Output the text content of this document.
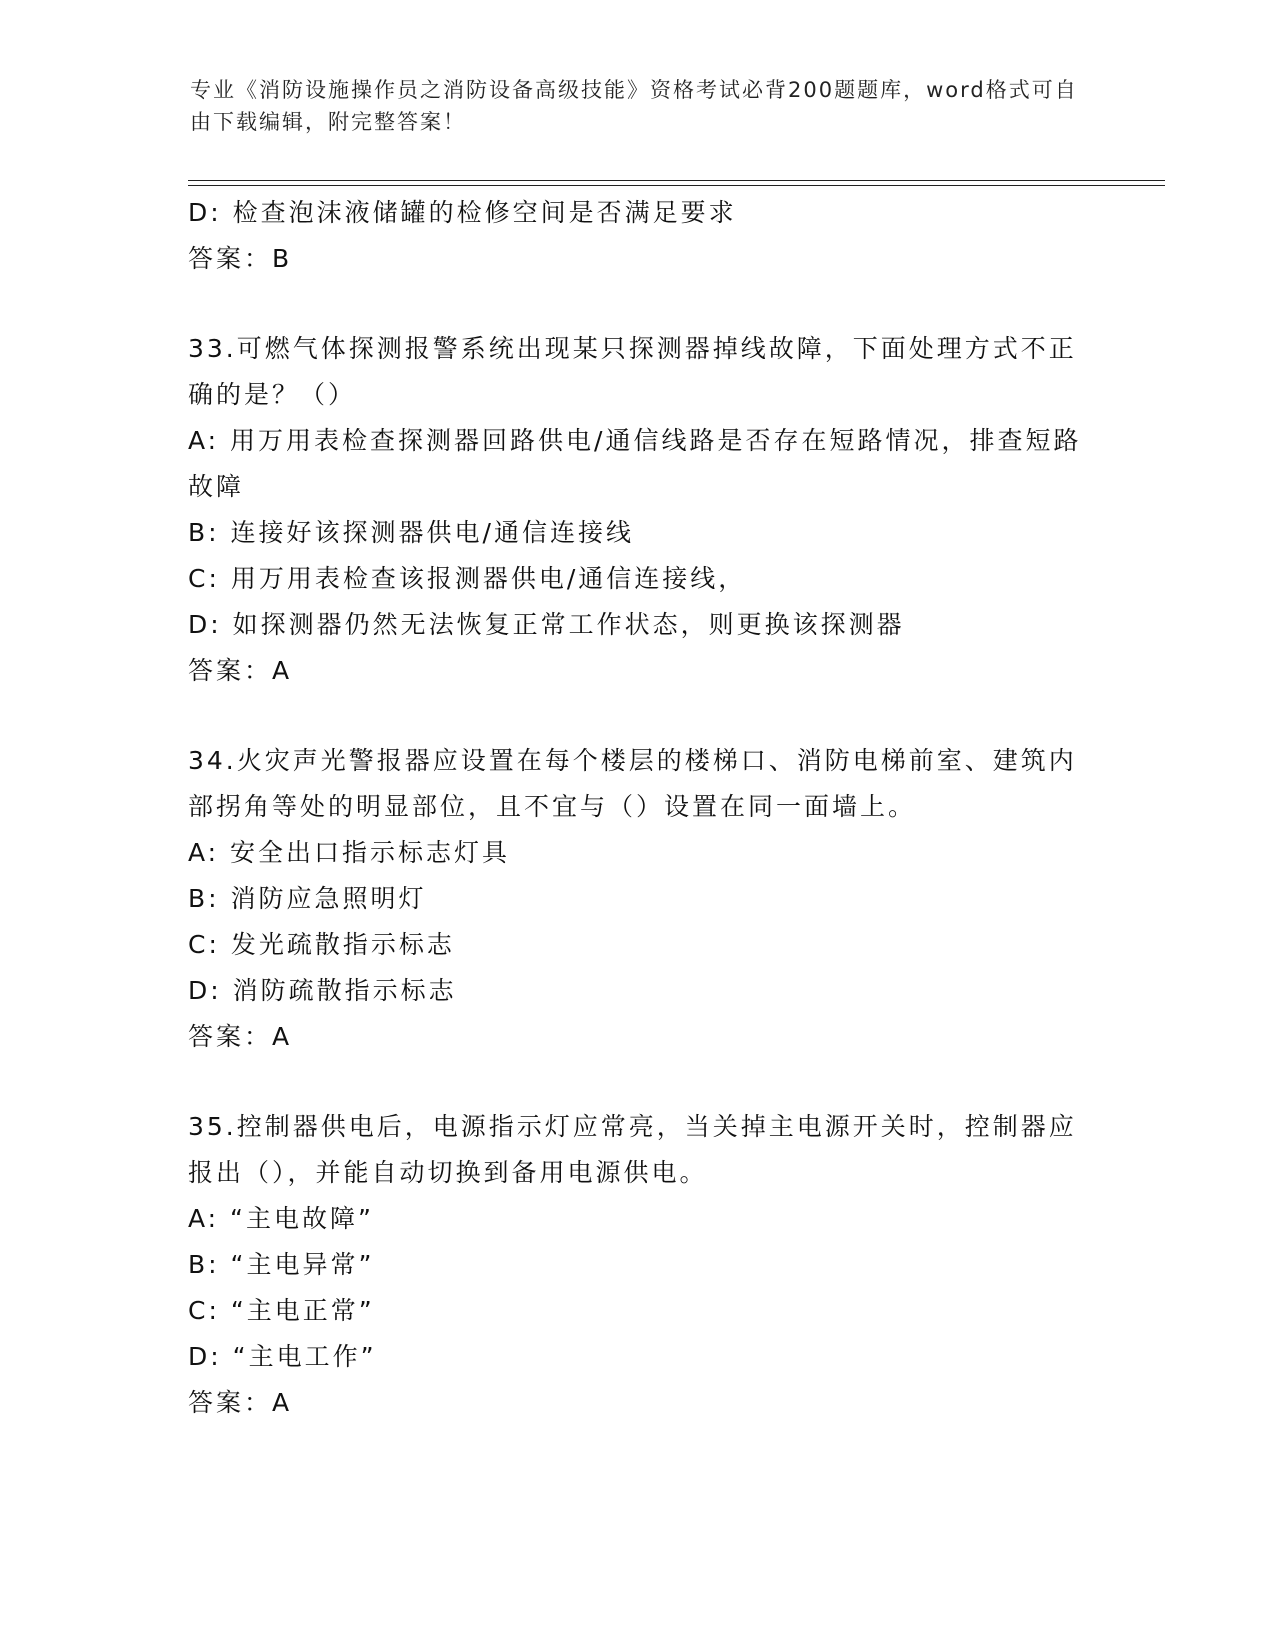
专业《消防设施操作员之消防设备高级技能》资格考试必背200题题库，word格式可自由下载编辑，附完整答案！
D: 检查泡沫液储罐的检修空间是否满足要求
答案：B
33.可燃气体探测报警系统出现某只探测器掉线故障，下面处理方式不正确的是？（）
A: 用万用表检查探测器回路供电/通信线路是否存在短路情况，排查短路故障
B: 连接好该探测器供电/通信连接线
C: 用万用表检查该报测器供电/通信连接线，
D: 如探测器仍然无法恢复正常工作状态，则更换该探测器
答案：A
34.火灾声光警报器应设置在每个楼层的楼梯口、消防电梯前室、建筑内部拐角等处的明显部位，且不宜与（）设置在同一面墙上。
A: 安全出口指示标志灯具
B: 消防应急照明灯
C: 发光疏散指示标志
D: 消防疏散指示标志
答案：A
35.控制器供电后，电源指示灯应常亮，当关掉主电源开关时，控制器应报出（），并能自动切换到备用电源供电。
A: “主电故障”
B: “主电异常”
C: “主电正常”
D: “主电工作”
答案：A
